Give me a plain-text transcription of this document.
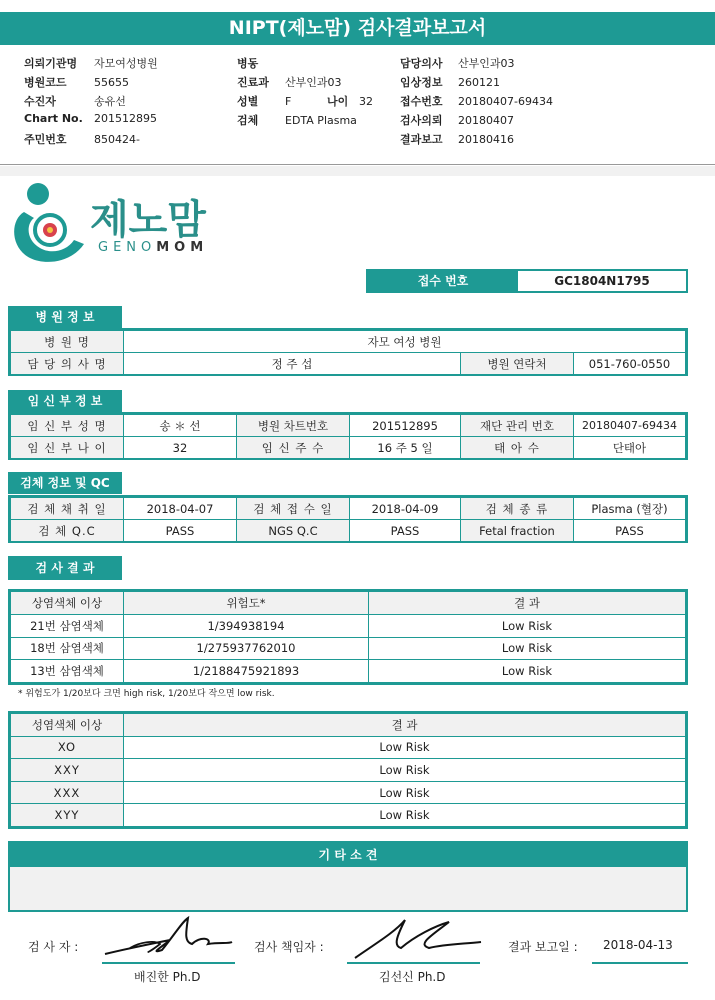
NIPT(제노맘) 검사결과보고서
의뢰기관명 자모여성병원
병원코드 55655
수진자	송유선
Chart No. 201512895
주민번호 850424-
병동
진료과 산부인과03
성별 F	나이 32
검체 EDTA Plasma
담당의사 산부인과03
임상정보 260121
접수번호 20180407-69434
검사의뢰 20180407
결과보고 20180416
제노맘
GENOMOM
접수 번호	GC1804N1795
병 원 정 보
병 원 명	자모 여성 병원		
담 당 의 사 명	정 주 섭	병원 연락처	051-760-0550
임 신 부 정 보
임 신 부 성 명	송 ＊ 선	병원 차트번호	201512895	재단 관리 번호	20180407-69434
임 신 부 나 이	32	임 신 주 수	16 주 5 일	태 아 수	단태아
검체 정보 및 QC
검 체 채 취 일	2018-04-07	검 체 접 수 일	2018-04-09	검 체 종 류	Plasma (혈장)
검 체 Q.C	PASS	NGS Q.C	PASS	Fetal fraction	PASS
검 사 결 과
상염색체 이상	위험도*	결 과
21번 삼염색체	1/394938194	Low Risk
18번 삼염색체	1/275937762010	Low Risk
13번 삼염색체	1/2188475921893	Low Risk
* 위험도가 1/20보다 크면 high risk, 1/20보다 작으면 low risk.
성염색체 이상	결 과
XO	Low Risk
XXY	Low Risk
XXX	Low Risk
XYY	Low Risk
기 타 소 견
검 사 자 :
배진한 Ph.D
검사 책임자 :
김선신 Ph.D
결과 보고일 : 2018-04-13
